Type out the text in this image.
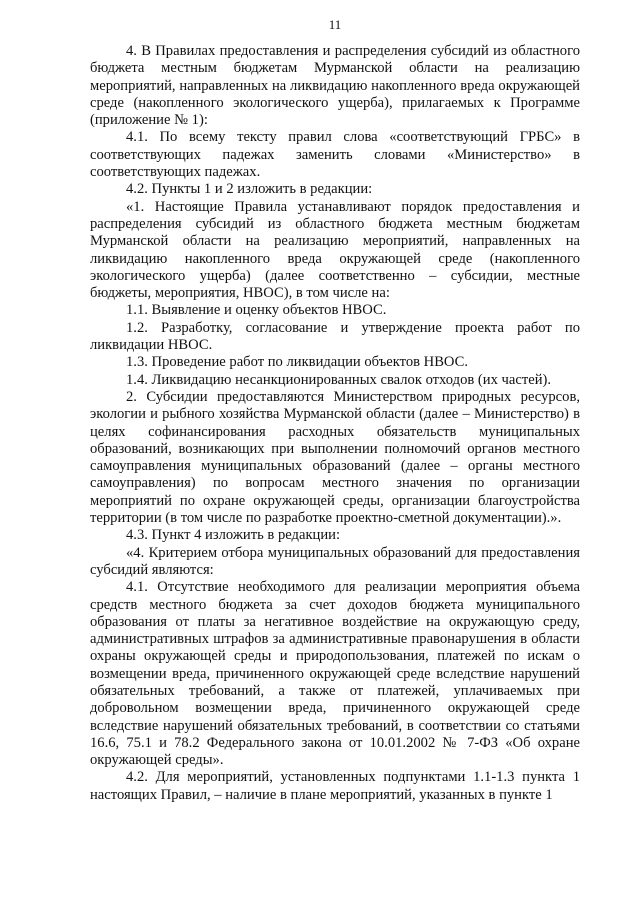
11

4. В Правилах предоставления и распределения субсидий из областного бюджета местным бюджетам Мурманской области на реализацию мероприятий, направленных на ликвидацию накопленного вреда окружающей среде (накопленного экологического ущерба), прилагаемых к Программе (приложение № 1):

4.1. По всему тексту правил слова «соответствующий ГРБС» в соответствующих падежах заменить словами «Министерство» в соответствующих падежах.

4.2. Пункты 1 и 2 изложить в редакции:

«1. Настоящие Правила устанавливают порядок предоставления и распределения субсидий из областного бюджета местным бюджетам Мурманской области на реализацию мероприятий, направленных на ликвидацию накопленного вреда окружающей среде (накопленного экологического ущерба) (далее соответственно – субсидии, местные бюджеты, мероприятия, НВОС), в том числе на:

1.1. Выявление и оценку объектов НВОС.

1.2. Разработку, согласование и утверждение проекта работ по ликвидации НВОС.

1.3. Проведение работ по ликвидации объектов НВОС.

1.4. Ликвидацию несанкционированных свалок отходов (их частей).

2. Субсидии предоставляются Министерством природных ресурсов, экологии и рыбного хозяйства Мурманской области (далее – Министерство) в целях софинансирования расходных обязательств муниципальных образований, возникающих при выполнении полномочий органов местного самоуправления муниципальных образований (далее – органы местного самоуправления) по вопросам местного значения по организации мероприятий по охране окружающей среды, организации благоустройства территории (в том числе по разработке проектно-сметной документации).».

4.3. Пункт 4 изложить в редакции:

«4. Критерием отбора муниципальных образований для предоставления субсидий являются:

4.1. Отсутствие необходимого для реализации мероприятия объема средств местного бюджета за счет доходов бюджета муниципального образования от платы за негативное воздействие на окружающую среду, административных штрафов за административные правонарушения в области охраны окружающей среды и природопользования, платежей по искам о возмещении вреда, причиненного окружающей среде вследствие нарушений обязательных требований, а также от платежей, уплачиваемых при добровольном возмещении вреда, причиненного окружающей среде вследствие нарушений обязательных требований, в соответствии со статьями 16.6, 75.1 и 78.2 Федерального закона от 10.01.2002 № 7-ФЗ «Об охране окружающей среды».

4.2. Для мероприятий, установленных подпунктами 1.1-1.3 пункта 1 настоящих Правил, – наличие в плане мероприятий, указанных в пункте 1
